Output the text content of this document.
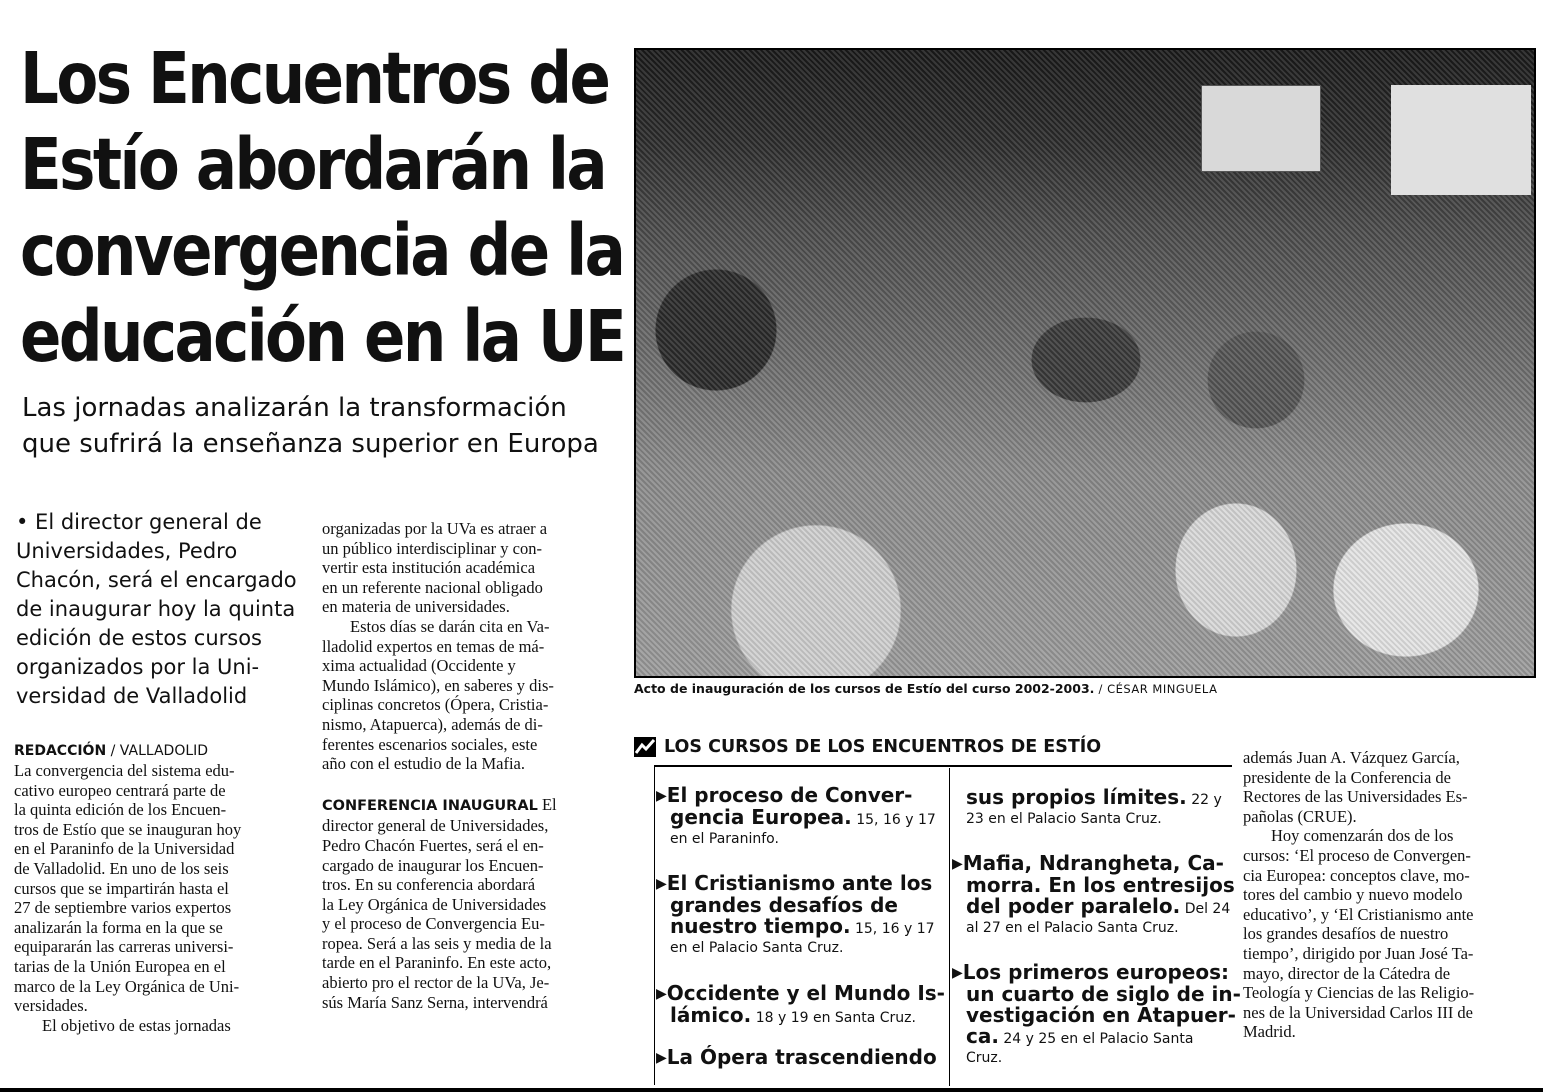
Los Encuentros de
Estío abordarán la
convergencia de la
educación en la UE
Las jornadas analizarán la transformación
que sufrirá la enseñanza superior en Europa
• El director general de
Universidades, Pedro
Chacón, será el encargado
de inaugurar hoy la quinta
edición de estos cursos
organizados por la Uni-
versidad de Valladolid
REDACCIÓN / VALLADOLID
La convergencia del sistema edu-
cativo europeo centrará parte de
la quinta edición de los Encuen-
tros de Estío que se inauguran hoy
en el Paraninfo de la Universidad
de Valladolid. En uno de los seis
cursos que se impartirán hasta el
27 de septiembre varios expertos
analizarán la forma en la que se
equipararán las carreras universi-
tarias de la Unión Europea en el
marco de la Ley Orgánica de Uni-
versidades.
El objetivo de estas jornadas
organizadas por la UVa es atraer a
un público interdisciplinar y con-
vertir esta institución académica
en un referente nacional obligado
en materia de universidades.
Estos días se darán cita en Va-
lladolid expertos en temas de má-
xima actualidad (Occidente y
Mundo Islámico), en saberes y dis-
ciplinas concretos (Ópera, Cristia-
nismo, Atapuerca), además de di-
ferentes escenarios sociales, este
año con el estudio de la Mafia.
CONFERENCIA INAUGURAL El
director general de Universidades,
Pedro Chacón Fuertes, será el en-
cargado de inaugurar los Encuen-
tros. En su conferencia abordará
la Ley Orgánica de Universidades
y el proceso de Convergencia Eu-
ropea. Será a las seis y media de la
tarde en el Paraninfo. En este acto,
abierto pro el rector de la UVa, Je-
sús María Sanz Serna, intervendrá
Acto de inauguración de los cursos de Estío del curso 2002-2003. / CÉSAR MINGUELA
LOS CURSOS DE LOS ENCUENTROS DE ESTÍO
▶El proceso de Conver-
gencia Europea. 15, 16 y 17
en el Paraninfo.
▶El Cristianismo ante los
grandes desafíos de
nuestro tiempo. 15, 16 y 17
en el Palacio Santa Cruz.
▶Occidente y el Mundo Is-
lámico. 18 y 19 en Santa Cruz.
▶La Ópera trascendiendo
sus propios límites. 22 y
23 en el Palacio Santa Cruz.
▶Mafia, Ndrangheta, Ca-
morra. En los entresijos
del poder paralelo. Del 24
al 27 en el Palacio Santa Cruz.
▶Los primeros europeos:
un cuarto de siglo de in-
vestigación en Atapuer-
ca. 24 y 25 en el Palacio Santa
Cruz.
además Juan A. Vázquez García,
presidente de la Conferencia de
Rectores de las Universidades Es-
pañolas (CRUE).
Hoy comenzarán dos de los
cursos: ‘El proceso de Convergen-
cia Europea: conceptos clave, mo-
tores del cambio y nuevo modelo
educativo’, y ‘El Cristianismo ante
los grandes desafíos de nuestro
tiempo’, dirigido por Juan José Ta-
mayo, director de la Cátedra de
Teología y Ciencias de las Religio-
nes de la Universidad Carlos III de
Madrid.
